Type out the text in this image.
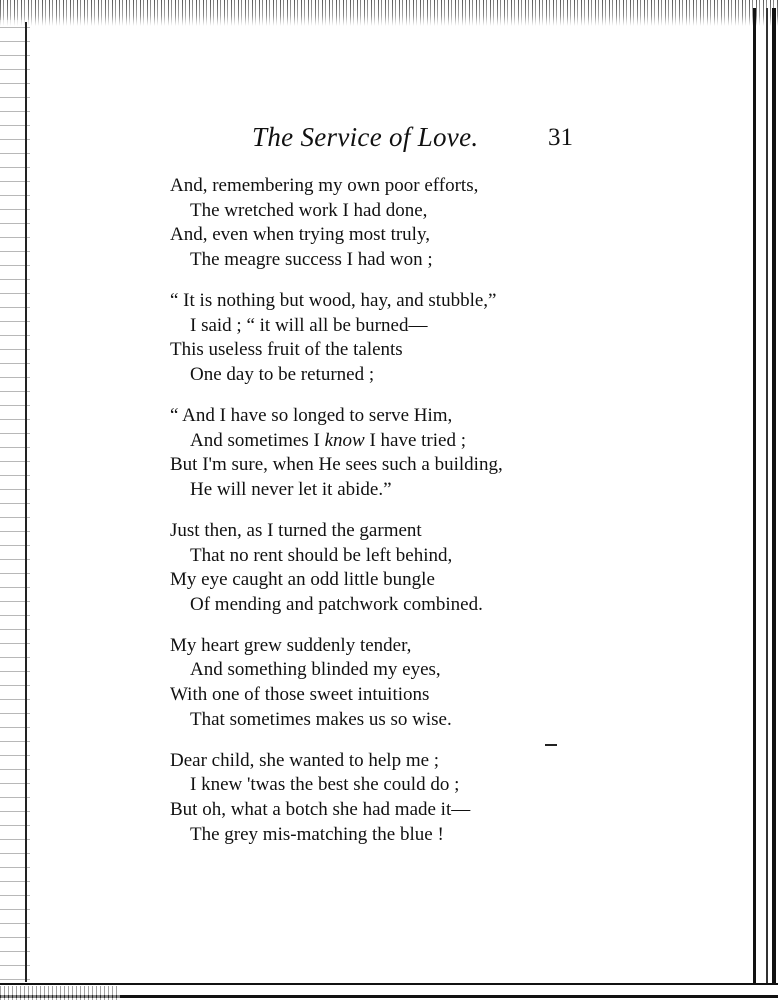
The Service of Love.	31
And, remembering my own poor efforts,
The wretched work I had done,
And, even when trying most truly,
The meagre success I had won ;
“ It is nothing but wood, hay, and stubble,”
I said ; “ it will all be burned—
This useless fruit of the talents
One day to be returned ;
“ And I have so longed to serve Him,
And sometimes I know I have tried ;
But I'm sure, when He sees such a building,
He will never let it abide.”
Just then, as I turned the garment
That no rent should be left behind,
My eye caught an odd little bungle
Of mending and patchwork combined.
My heart grew suddenly tender,
And something blinded my eyes,
With one of those sweet intuitions
That sometimes makes us so wise.
Dear child, she wanted to help me ;
I knew 'twas the best she could do ;
But oh, what a botch she had made it—
The grey mis-matching the blue !
